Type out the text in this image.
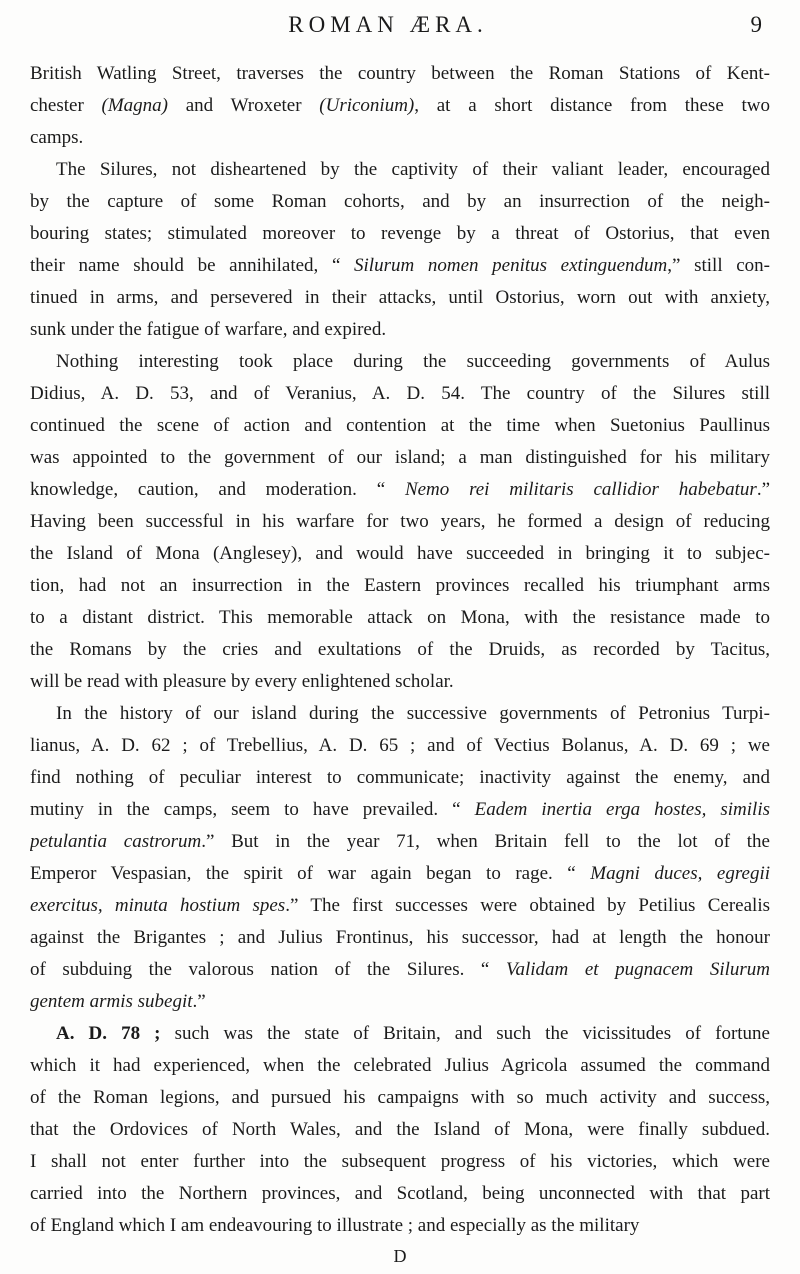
ROMAN ÆRA.	9
British Watling Street, traverses the country between the Roman Stations of Kent-
chester (Magna) and Wroxeter (Uriconium), at a short distance from these two
camps.
The Silures, not disheartened by the captivity of their valiant leader, encouraged
by the capture of some Roman cohorts, and by an insurrection of the neigh-
bouring states; stimulated moreover to revenge by a threat of Ostorius, that even
their name should be annihilated, “ Silurum nomen penitus extinguendum,” still con-
tinued in arms, and persevered in their attacks, until Ostorius, worn out with anxiety,
sunk under the fatigue of warfare, and expired.
Nothing interesting took place during the succeeding governments of Aulus
Didius, A. D. 53, and of Veranius, A. D. 54. The country of the Silures still
continued the scene of action and contention at the time when Suetonius Paullinus
was appointed to the government of our island; a man distinguished for his military
knowledge, caution, and moderation. “ Nemo rei militaris callidior habebatur.”
Having been successful in his warfare for two years, he formed a design of reducing
the Island of Mona (Anglesey), and would have succeeded in bringing it to subjec-
tion, had not an insurrection in the Eastern provinces recalled his triumphant arms
to a distant district. This memorable attack on Mona, with the resistance made to
the Romans by the cries and exultations of the Druids, as recorded by Tacitus,
will be read with pleasure by every enlightened scholar.
In the history of our island during the successive governments of Petronius Turpi-
lianus, A. D. 62 ; of Trebellius, A. D. 65 ; and of Vectius Bolanus, A. D. 69 ; we
find nothing of peculiar interest to communicate; inactivity against the enemy, and
mutiny in the camps, seem to have prevailed. “ Eadem inertia erga hostes, similis
petulantia castrorum.” But in the year 71, when Britain fell to the lot of the
Emperor Vespasian, the spirit of war again began to rage. “ Magni duces, egregii
exercitus, minuta hostium spes.” The first successes were obtained by Petilius Cerealis
against the Brigantes ; and Julius Frontinus, his successor, had at length the honour
of subduing the valorous nation of the Silures. “ Validam et pugnacem Silurum
gentem armis subegit.”
A. D. 78 ; such was the state of Britain, and such the vicissitudes of fortune
which it had experienced, when the celebrated Julius Agricola assumed the command
of the Roman legions, and pursued his campaigns with so much activity and success,
that the Ordovices of North Wales, and the Island of Mona, were finally subdued.
I shall not enter further into the subsequent progress of his victories, which were
carried into the Northern provinces, and Scotland, being unconnected with that part
of England which I am endeavouring to illustrate ; and especially as the military
D
